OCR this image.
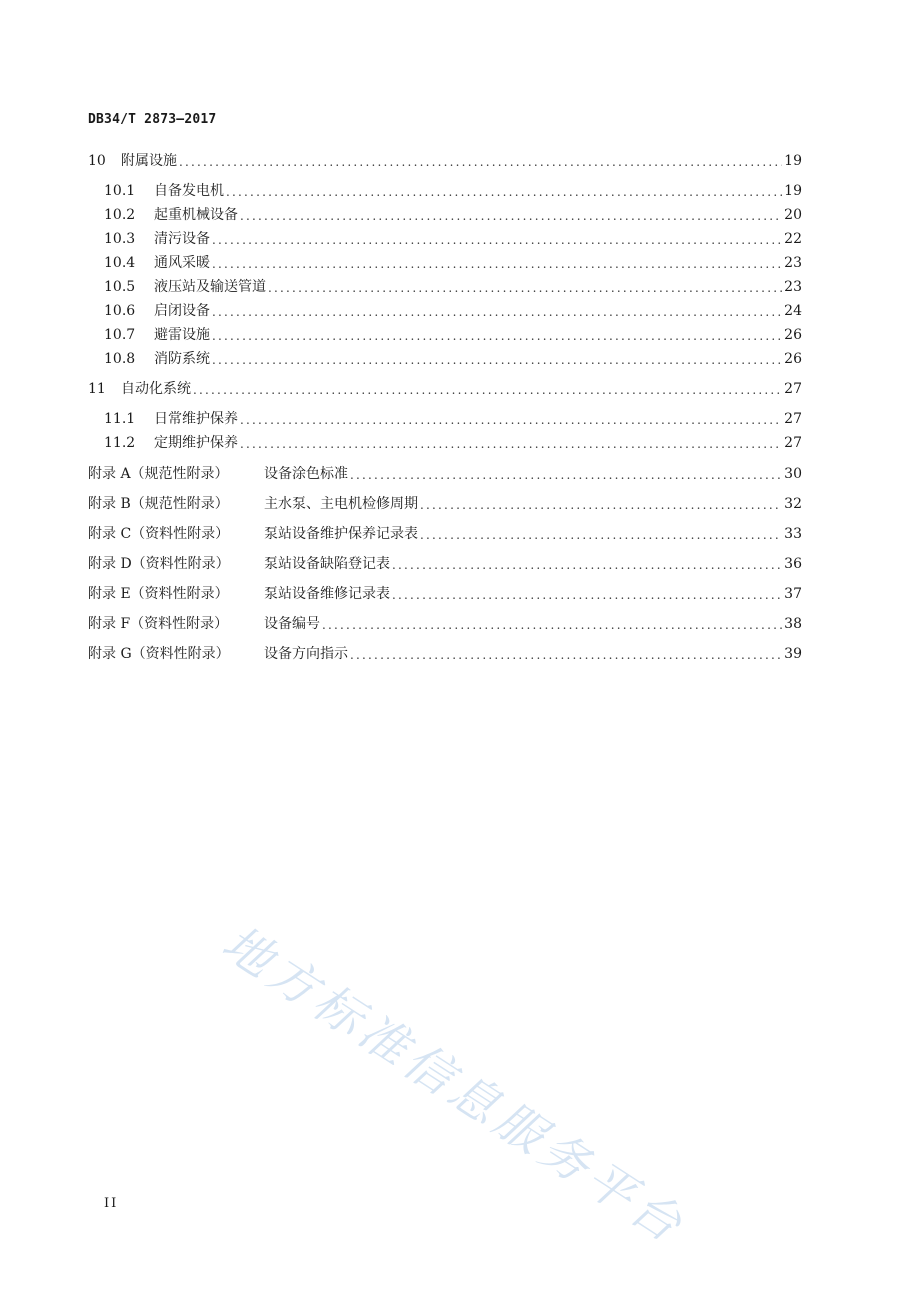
DB34/T 2873—2017
10	附属设施 .....	19
10.1	自备发电机 .....	19
10.2	起重机械设备 .....	20
10.3	清污设备 .....	22
10.4	通风采暖 .....	23
10.5	液压站及输送管道 .....	23
10.6	启闭设备 .....	24
10.7	避雷设施 .....	26
10.8	消防系统 .....	26
11	自动化系统 .....	27
11.1	日常维护保养 .....	27
11.2	定期维护保养 .....	27
附录 A（规范性附录）	设备涂色标准 .....	30
附录 B（规范性附录）	主水泵、主电机检修周期 .....	32
附录 C（资料性附录）	泵站设备维护保养记录表 .....	33
附录 D（资料性附录）	泵站设备缺陷登记表 .....	36
附录 E（资料性附录）	泵站设备维修记录表 .....	37
附录 F（资料性附录）	设备编号 .....	38
附录 G（资料性附录）	设备方向指示 .....	39
地方标准信息服务平台
II
